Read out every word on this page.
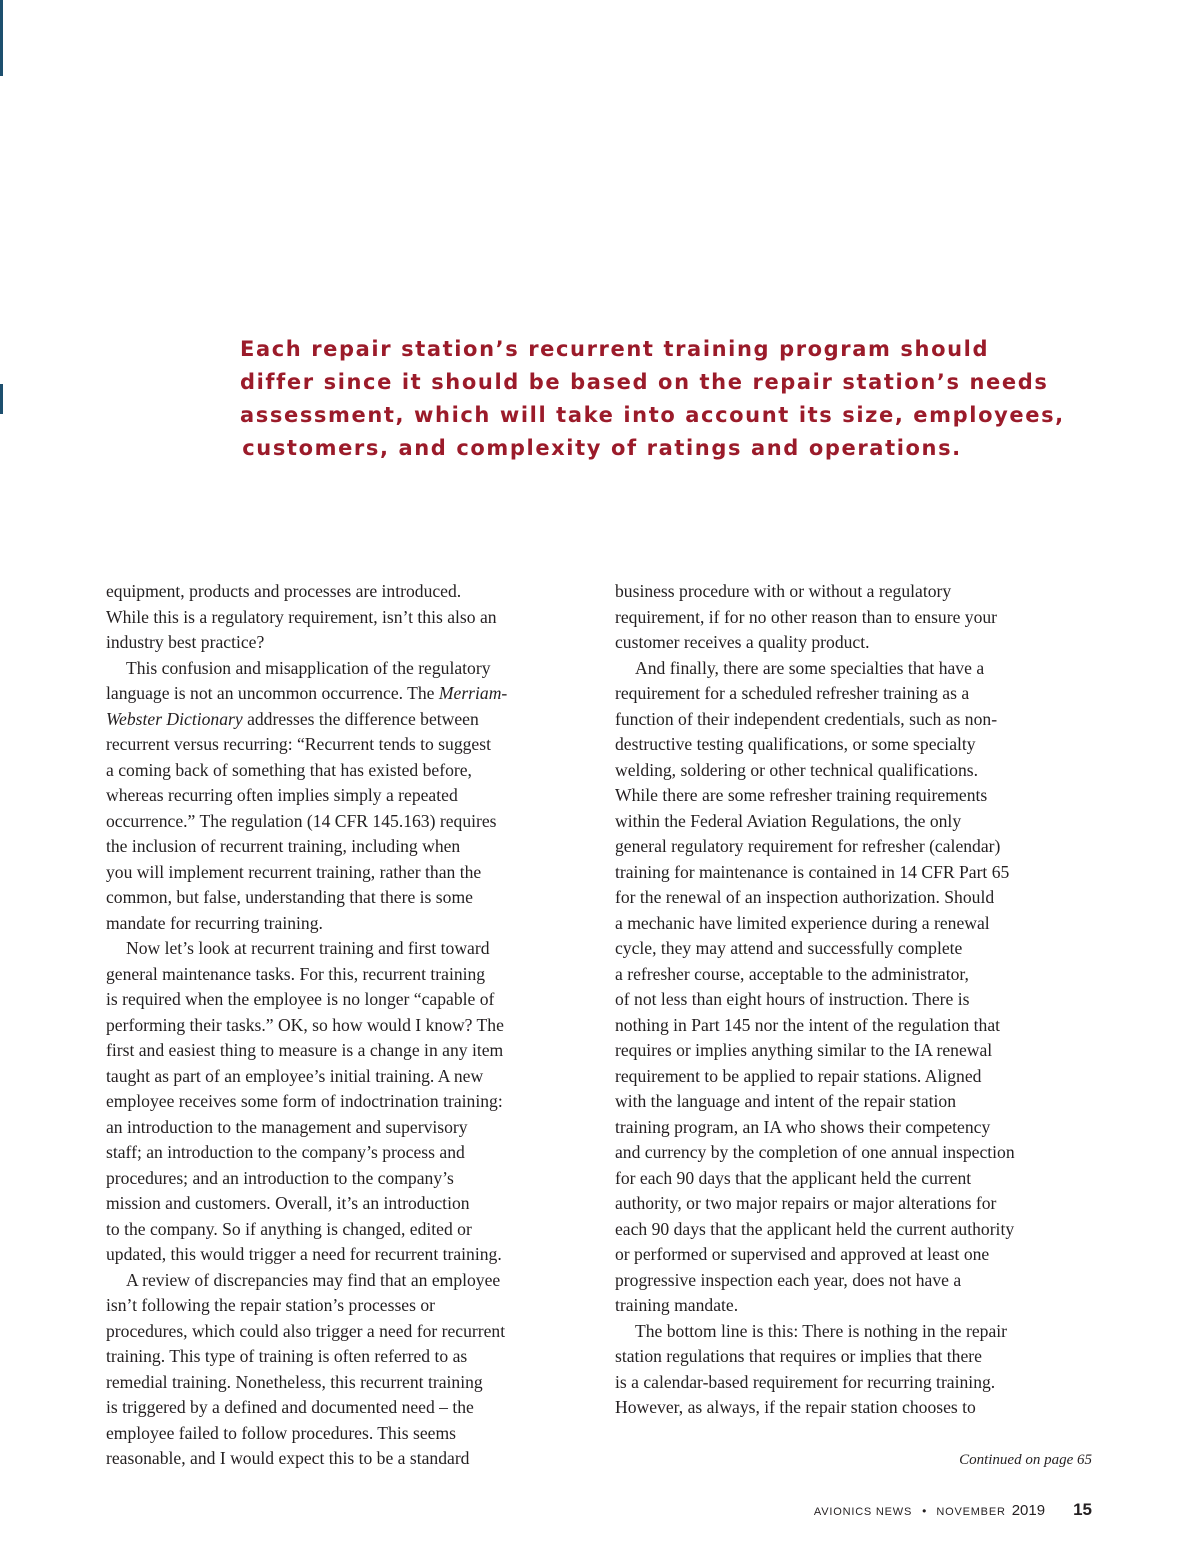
Each repair station’s recurrent training program should
differ since it should be based on the repair station’s needs
assessment, which will take into account its size, employees,
customers, and complexity of ratings and operations.
equipment, products and processes are introduced.
While this is a regulatory requirement, isn’t this also an
industry best practice?
This confusion and misapplication of the regulatory
language is not an uncommon occurrence. The Merriam-
Webster Dictionary addresses the difference between
recurrent versus recurring: “Recurrent tends to suggest
a coming back of something that has existed before,
whereas recurring often implies simply a repeated
occurrence.” The regulation (14 CFR 145.163) requires
the inclusion of recurrent training, including when
you will implement recurrent training, rather than the
common, but false, understanding that there is some
mandate for recurring training.
Now let’s look at recurrent training and first toward
general maintenance tasks. For this, recurrent training
is required when the employee is no longer “capable of
performing their tasks.” OK, so how would I know? The
first and easiest thing to measure is a change in any item
taught as part of an employee’s initial training. A new
employee receives some form of indoctrination training:
an introduction to the management and supervisory
staff; an introduction to the company’s process and
procedures; and an introduction to the company’s
mission and customers. Overall, it’s an introduction
to the company. So if anything is changed, edited or
updated, this would trigger a need for recurrent training.
A review of discrepancies may find that an employee
isn’t following the repair station’s processes or
procedures, which could also trigger a need for recurrent
training. This type of training is often referred to as
remedial training. Nonetheless, this recurrent training
is triggered by a defined and documented need – the
employee failed to follow procedures. This seems
reasonable, and I would expect this to be a standard
business procedure with or without a regulatory
requirement, if for no other reason than to ensure your
customer receives a quality product.
And finally, there are some specialties that have a
requirement for a scheduled refresher training as a
function of their independent credentials, such as non-
destructive testing qualifications, or some specialty
welding, soldering or other technical qualifications.
While there are some refresher training requirements
within the Federal Aviation Regulations, the only
general regulatory requirement for refresher (calendar)
training for maintenance is contained in 14 CFR Part 65
for the renewal of an inspection authorization. Should
a mechanic have limited experience during a renewal
cycle, they may attend and successfully complete
a refresher course, acceptable to the administrator,
of not less than eight hours of instruction. There is
nothing in Part 145 nor the intent of the regulation that
requires or implies anything similar to the IA renewal
requirement to be applied to repair stations. Aligned
with the language and intent of the repair station
training program, an IA who shows their competency
and currency by the completion of one annual inspection
for each 90 days that the applicant held the current
authority, or two major repairs or major alterations for
each 90 days that the applicant held the current authority
or performed or supervised and approved at least one
progressive inspection each year, does not have a
training mandate.
The bottom line is this: There is nothing in the repair
station regulations that requires or implies that there
is a calendar-based requirement for recurring training.
However, as always, if the repair station chooses to
Continued on page 65
AVIONICS NEWS • NOVEMBER 2019 15
